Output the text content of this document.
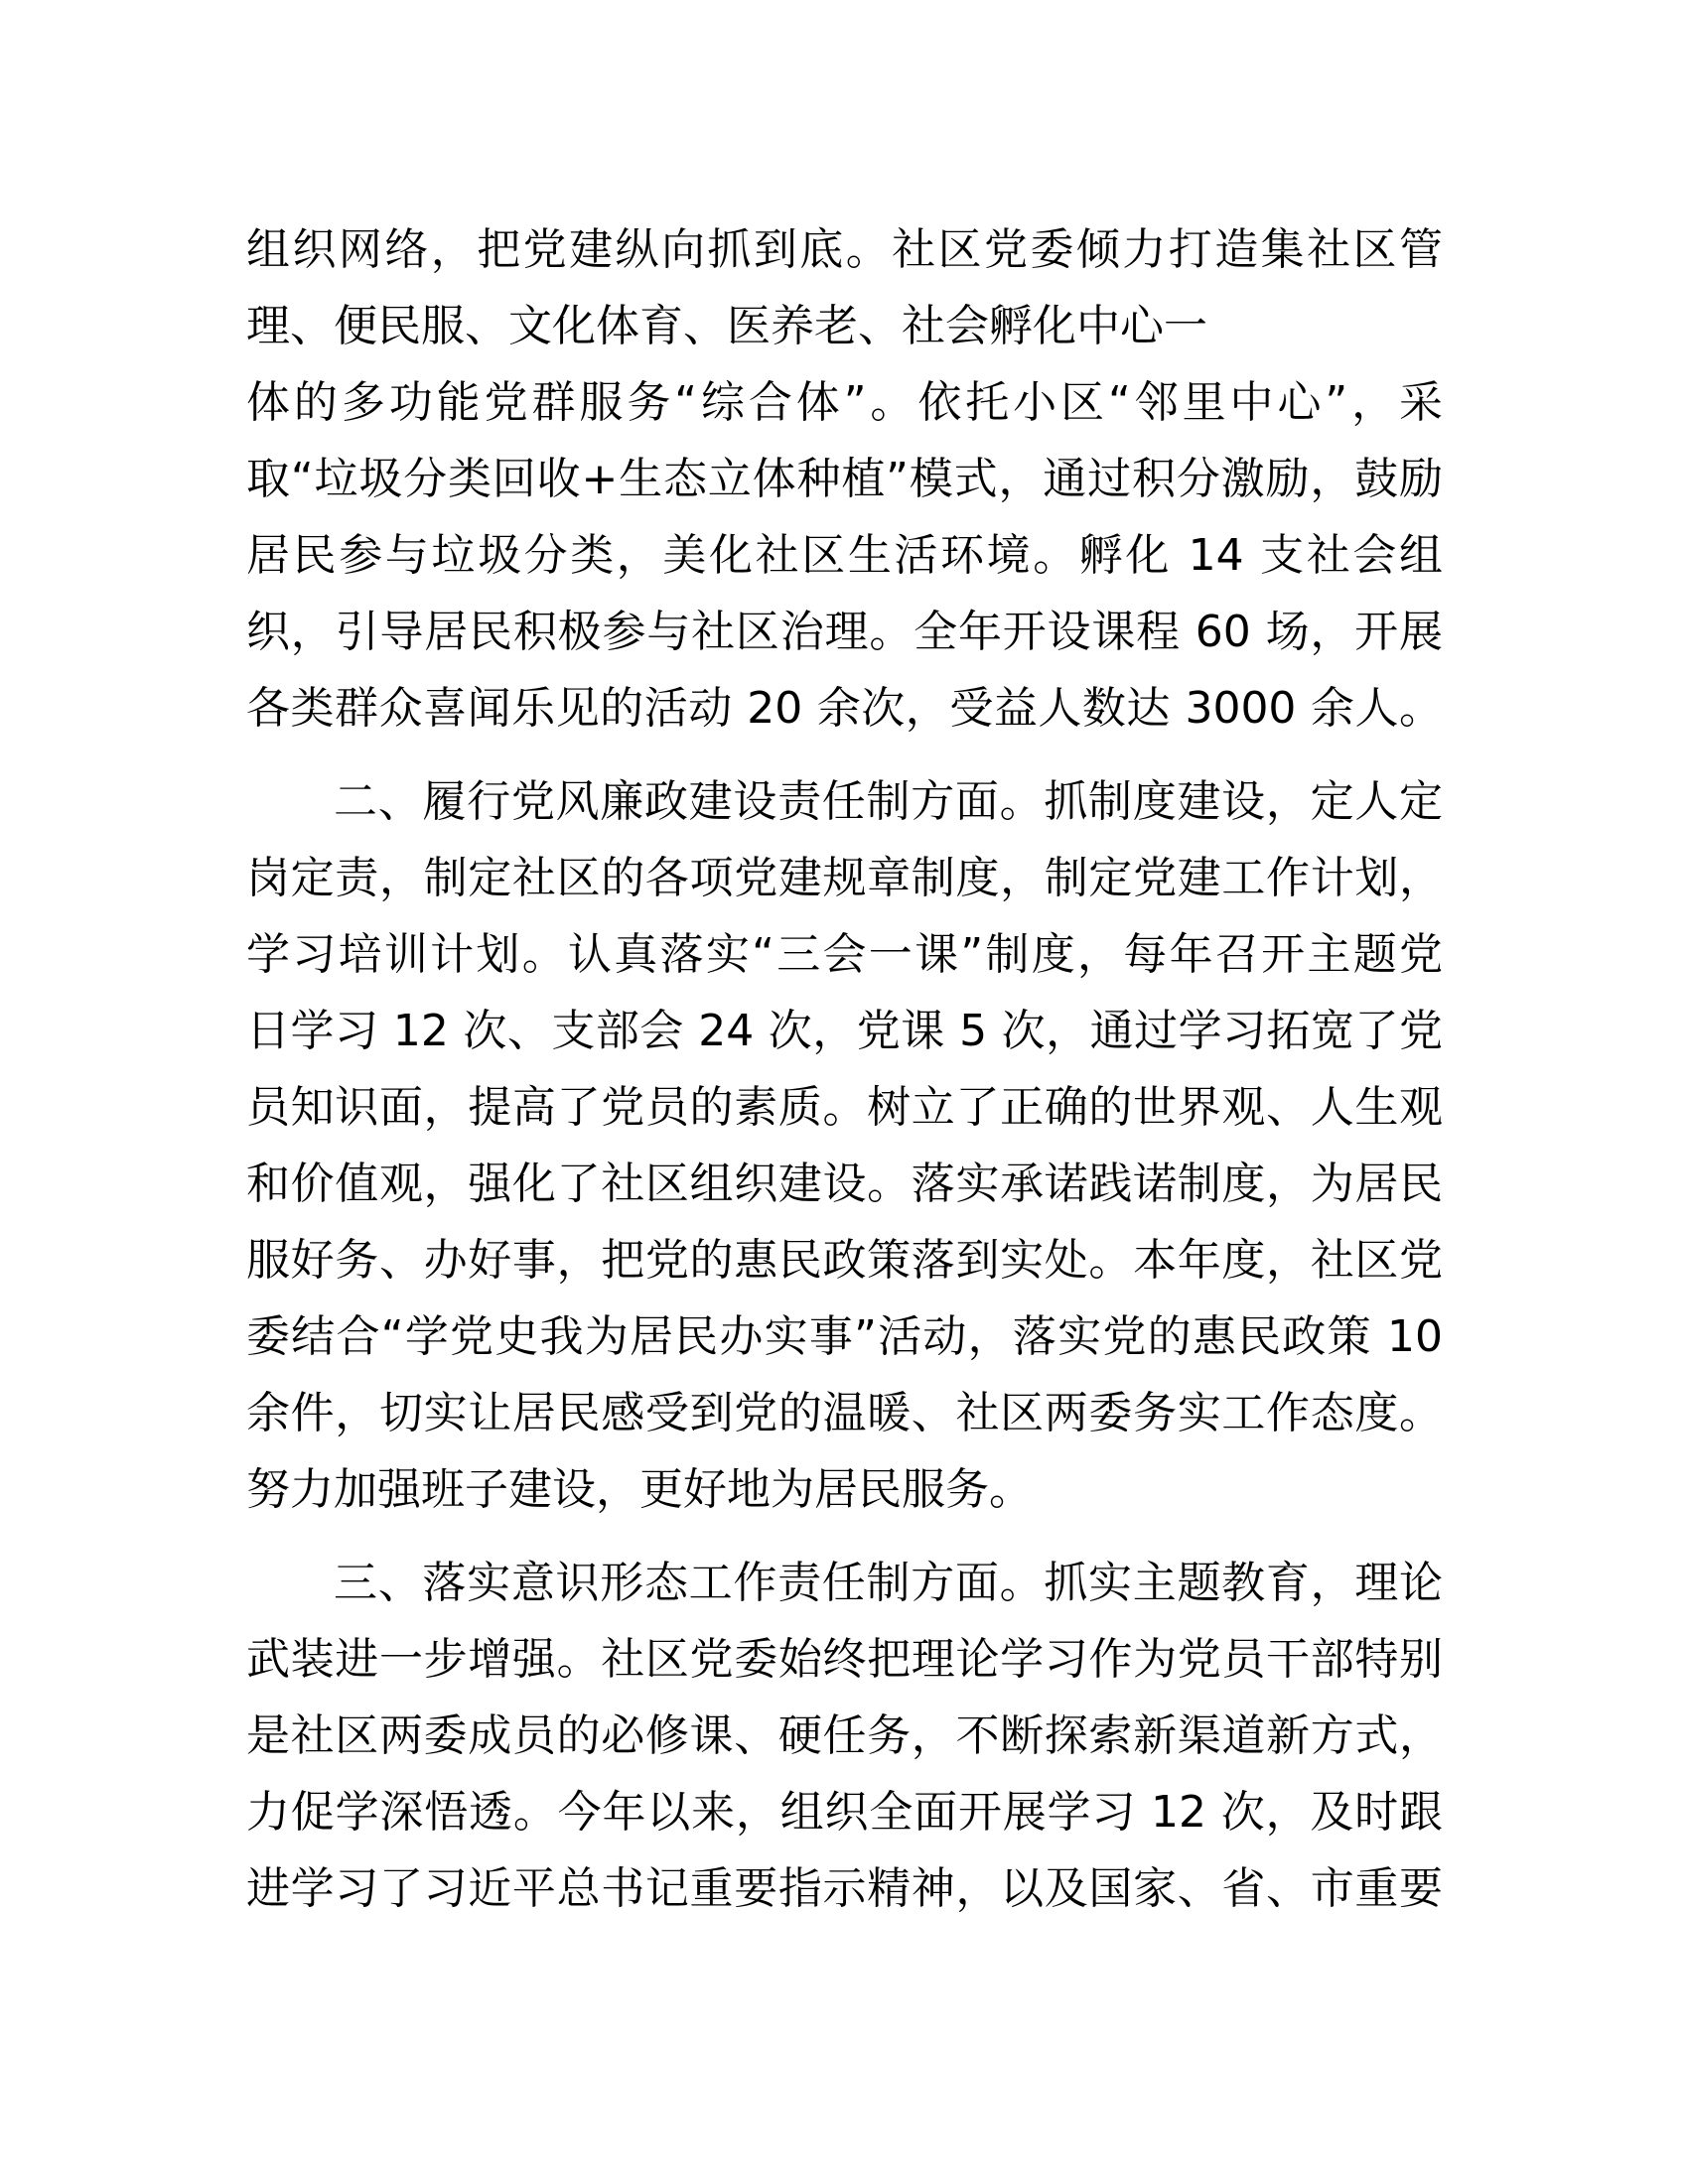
组织网络，把党建纵向抓到底。社区党委倾力打造集社区管
理、便民服、文化体育、医养老、社会孵化中心一
体的多功能党群服务“综合体”。依托小区“邻里中心”，采
取“垃圾分类回收+生态立体种植”模式，通过积分激励，鼓励
居民参与垃圾分类，美化社区生活环境。孵化 14 支社会组
织，引导居民积极参与社区治理。全年开设课程 60 场，开展
各类群众喜闻乐见的活动 20 余次，受益人数达 3000 余人。
二、履行党风廉政建设责任制方面。抓制度建设，定人定
岗定责，制定社区的各项党建规章制度，制定党建工作计划，
学习培训计划。认真落实“三会一课”制度，每年召开主题党
日学习 12 次、支部会 24 次，党课 5 次，通过学习拓宽了党
员知识面，提高了党员的素质。树立了正确的世界观、人生观
和价值观，强化了社区组织建设。落实承诺践诺制度，为居民
服好务、办好事，把党的惠民政策落到实处。本年度，社区党
委结合“学党史我为居民办实事”活动，落实党的惠民政策 10
余件，切实让居民感受到党的温暖、社区两委务实工作态度。
努力加强班子建设，更好地为居民服务。
三、落实意识形态工作责任制方面。抓实主题教育，理论
武装进一步增强。社区党委始终把理论学习作为党员干部特别
是社区两委成员的必修课、硬任务，不断探索新渠道新方式，
力促学深悟透。今年以来，组织全面开展学习 12 次，及时跟
进学习了习近平总书记重要指示精神，以及国家、省、市重要
